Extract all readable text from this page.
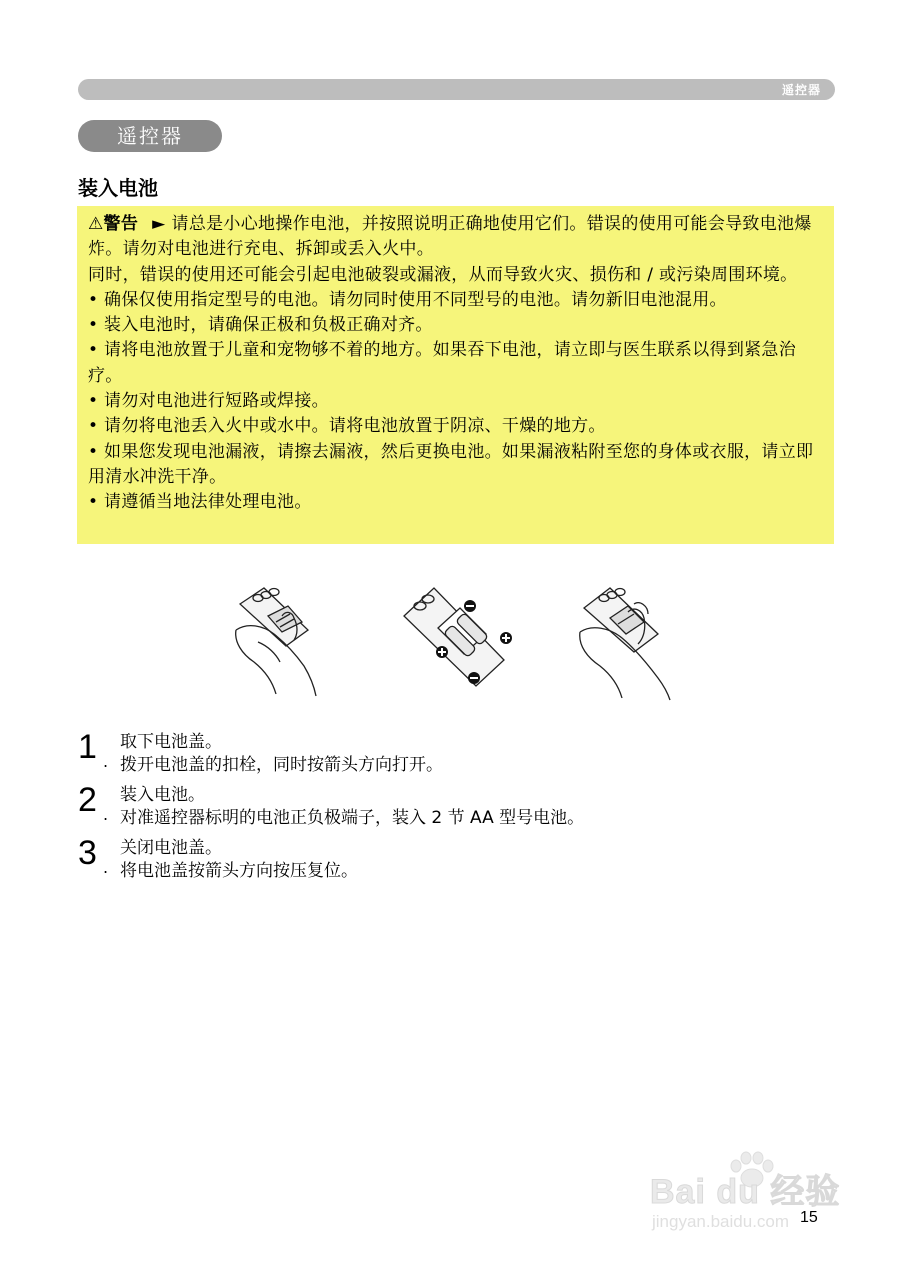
遥控器
遥控器
装入电池

⚠警告 ► 请总是小心地操作电池，并按照说明正确地使用它们。错误的使用可能会导致电池爆炸。请勿对电池进行充电、拆卸或丢入火中。

同时，错误的使用还可能会引起电池破裂或漏液，从而导致火灾、损伤和 / 或污染周围环境。

• 确保仅使用指定型号的电池。请勿同时使用不同型号的电池。请勿新旧电池混用。

• 装入电池时，请确保正极和负极正确对齐。

• 请将电池放置于儿童和宠物够不着的地方。如果吞下电池，请立即与医生联系以得到紧急治疗。

• 请勿对电池进行短路或焊接。

• 请勿将电池丢入火中或水中。请将电池放置于阴凉、干燥的地方。

• 如果您发现电池漏液，请擦去漏液，然后更换电池。如果漏液粘附至您的身体或衣服，请立即用清水冲洗干净。

• 请遵循当地法律处理电池。

1 .
取下电池盖。
拨开电池盖的扣栓，同时按箭头方向打开。
2 .
装入电池。
对准遥控器标明的电池正负极端子，装入 2 节 AA 型号电池。
3 .
关闭电池盖。
将电池盖按箭头方向按压复位。
Bai du 经验
jingyan.baidu.com 15
